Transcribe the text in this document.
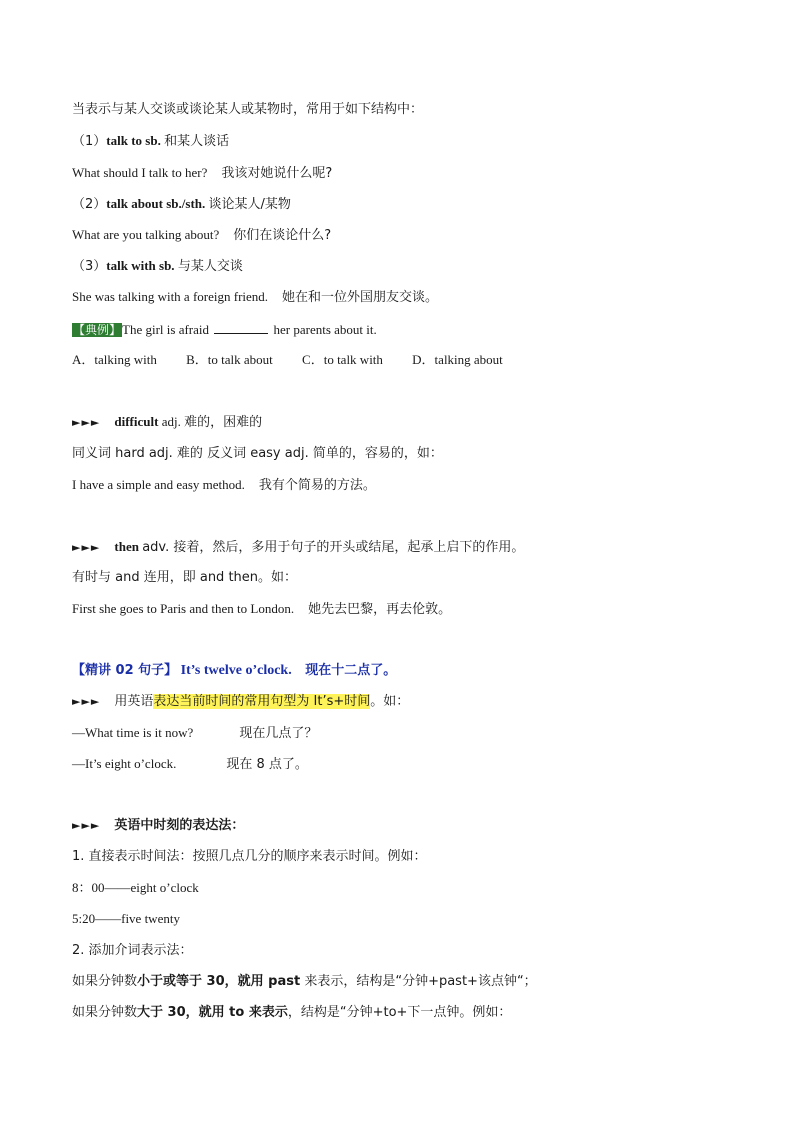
当表示与某人交谈或谈论某人或某物时，常用于如下结构中：
（1）talk to sb. 和某人谈话
What should I talk to her? 我该对她说什么呢?
（2）talk about sb./sth. 谈论某人/某物
What are you talking about? 你们在谈论什么?
（3）talk with sb. 与某人交谈
She was talking with a foreign friend. 她在和一位外国朋友交谈。
【典例】The girl is afraid	her parents about it.
A．talking with B．to talk about C．to talk with D．talking about
►►► difficult adj. 难的，困难的
同义词 hard adj. 难的 反义词 easy adj. 简单的，容易的，如：
I have a simple and easy method. 我有个简易的方法。
►►► then adv. 接着，然后，多用于句子的开头或结尾，起承上启下的作用。
有时与 and 连用，即 and then。如：
First she goes to Paris and then to London. 她先去巴黎，再去伦敦。
【精讲 02 句子】 It’s twelve o’clock. 现在十二点了。
►►► 用英语表达当前时间的常用句型为 It’s+时间。如：
—What time is it now?	现在几点了？
—It’s eight o’clock.	现在 8 点了。
►►► 英语中时刻的表达法：
1. 直接表示时间法：按照几点几分的顺序来表示时间。例如：
8：00——eight o’clock
5:20——five twenty
2. 添加介词表示法：
如果分钟数小于或等于 30，就用 past 来表示，结构是“分钟+past+该点钟“；
如果分钟数大于 30，就用 to 来表示，结构是“分钟+to+下一点钟。例如：
